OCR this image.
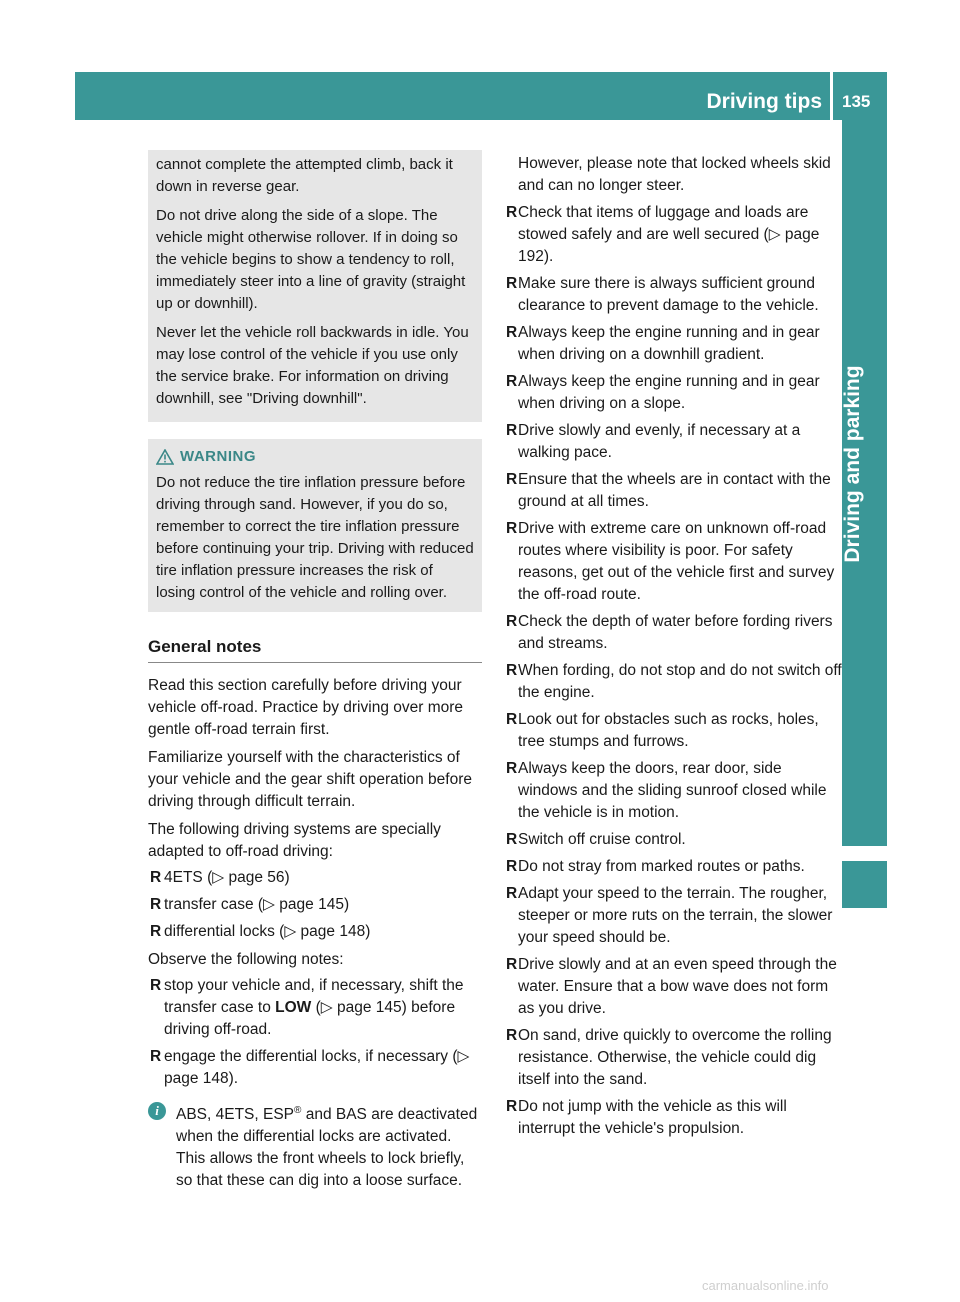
Driving tips 135
Driving and parking

cannot complete the attempted climb, back it down in reverse gear.

Do not drive along the side of a slope. The vehicle might otherwise rollover. If in doing so the vehicle begins to show a tendency to roll, immediately steer into a line of gravity (straight up or downhill).

Never let the vehicle roll backwards in idle. You may lose control of the vehicle if you use only the service brake. For information on driving downhill, see "Driving downhill".

WARNING

Do not reduce the tire inflation pressure before driving through sand. However, if you do so, remember to correct the tire inflation pressure before continuing your trip. Driving with reduced tire inflation pressure increases the risk of losing control of the vehicle and rolling over.

General notes

Read this section carefully before driving your vehicle off-road. Practice by driving over more gentle off-road terrain first.

Familiarize yourself with the characteristics of your vehicle and the gear shift operation before driving through difficult terrain.

The following driving systems are specially adapted to off-road driving:

R 4ETS (▷ page 56)
R transfer case (▷ page 145)
R differential locks (▷ page 148)

Observe the following notes:

R stop your vehicle and, if necessary, shift the transfer case to LOW (▷ page 145) before driving off-road.
R engage the differential locks, if necessary (▷ page 148).
i	ABS, 4ETS, ESP® and BAS are deactivated when the differential locks are activated. This allows the front wheels to lock briefly, so that these can dig into a loose surface.

However, please note that locked wheels skid and can no longer steer.

R Check that items of luggage and loads are stowed safely and are well secured (▷ page 192).
R Make sure there is always sufficient ground clearance to prevent damage to the vehicle.
R Always keep the engine running and in gear when driving on a downhill gradient.
R Always keep the engine running and in gear when driving on a slope.
R Drive slowly and evenly, if necessary at a walking pace.
R Ensure that the wheels are in contact with the ground at all times.
R Drive with extreme care on unknown off-road routes where visibility is poor. For safety reasons, get out of the vehicle first and survey the off-road route.
R Check the depth of water before fording rivers and streams.
R When fording, do not stop and do not switch off the engine.
R Look out for obstacles such as rocks, holes, tree stumps and furrows.
R Always keep the doors, rear door, side windows and the sliding sunroof closed while the vehicle is in motion.
R Switch off cruise control.
R Do not stray from marked routes or paths.
R Adapt your speed to the terrain. The rougher, steeper or more ruts on the terrain, the slower your speed should be.
R Drive slowly and at an even speed through the water. Ensure that a bow wave does not form as you drive.
R On sand, drive quickly to overcome the rolling resistance. Otherwise, the vehicle could dig itself into the sand.
R Do not jump with the vehicle as this will interrupt the vehicle's propulsion.
carmanualsonline.info
